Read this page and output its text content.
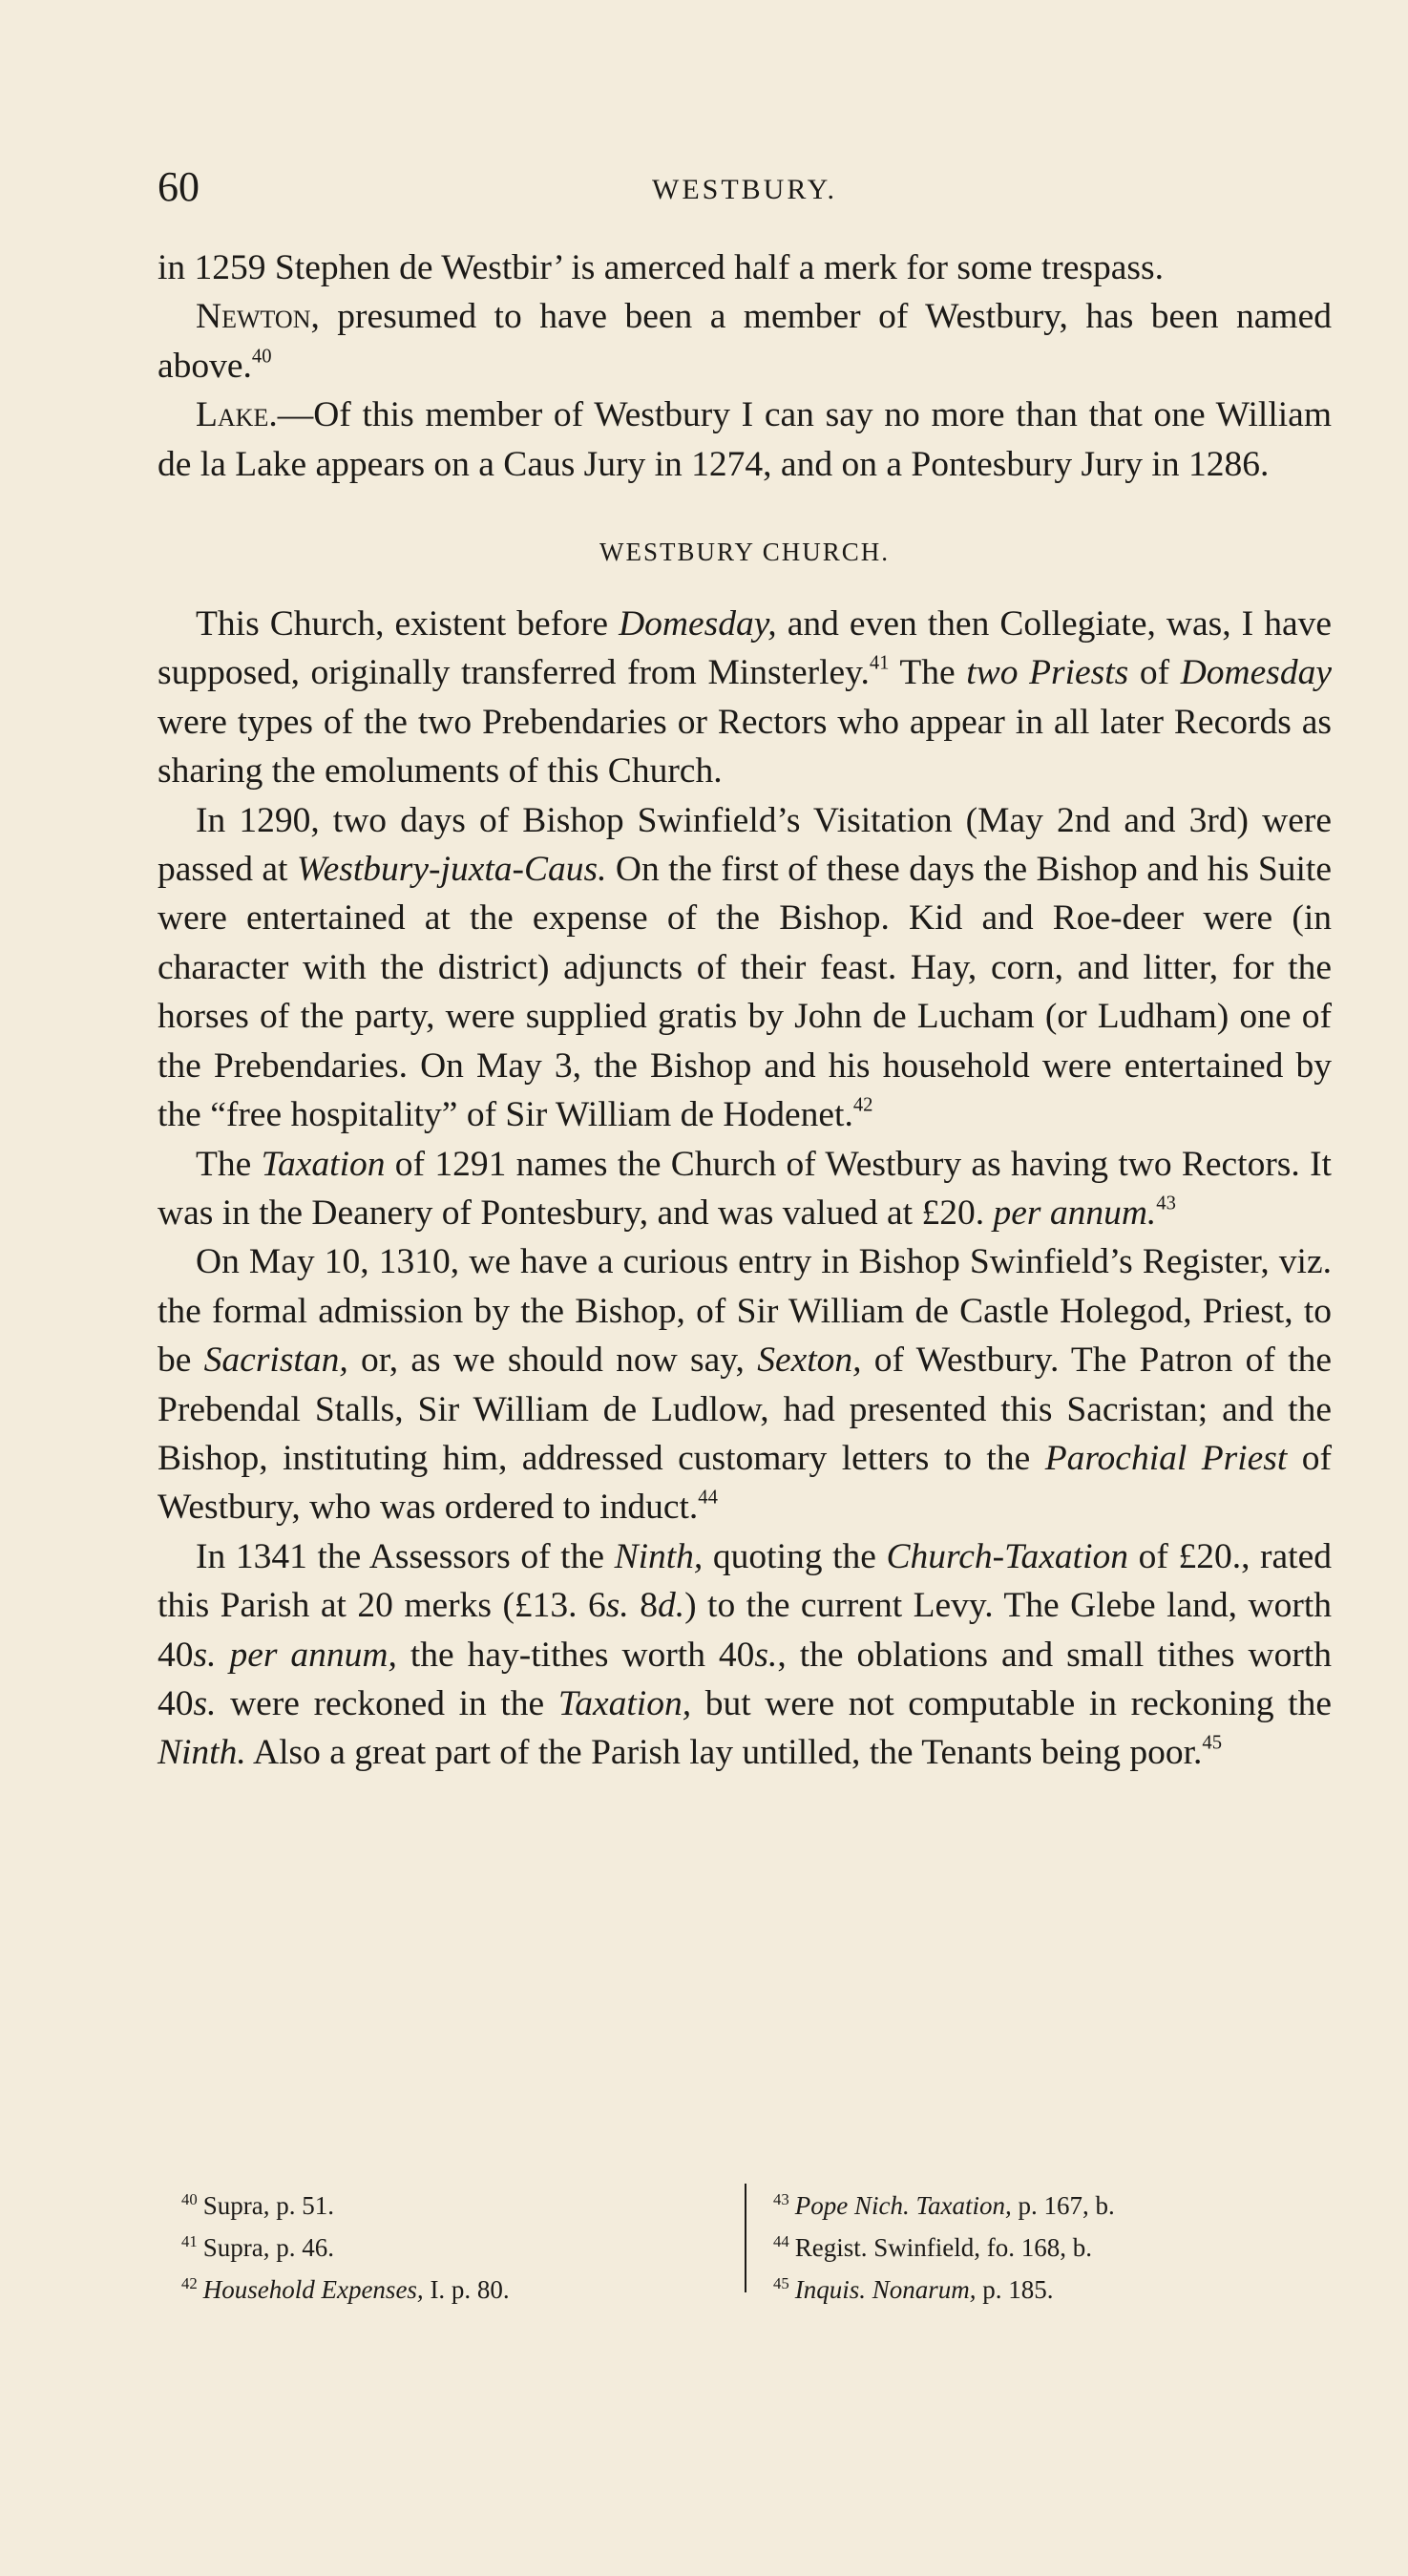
60	WESTBURY.

in 1259 Stephen de Westbir’ is amerced half a merk for some trespass.

Newton, presumed to have been a member of Westbury, has been named above.$^{40}$

Lake.—Of this member of Westbury I can say no more than that one William de la Lake appears on a Caus Jury in 1274, and on a Pontesbury Jury in 1286.

WESTBURY CHURCH.

This Church, existent before Domesday, and even then Collegiate, was, I have supposed, originally transferred from Minsterley.$^{41}$ The two Priests of Domesday were types of the two Prebendaries or Rectors who appear in all later Records as sharing the emoluments of this Church.

In 1290, two days of Bishop Swinfield’s Visitation (May 2nd and 3rd) were passed at Westbury-juxta-Caus. On the first of these days the Bishop and his Suite were entertained at the expense of the Bishop. Kid and Roe-deer were (in character with the district) adjuncts of their feast. Hay, corn, and litter, for the horses of the party, were supplied gratis by John de Lucham (or Ludham) one of the Prebendaries. On May 3, the Bishop and his household were entertained by the “free hospitality” of Sir William de Hodenet.$^{42}$

The Taxation of 1291 names the Church of Westbury as having two Rectors. It was in the Deanery of Pontesbury, and was valued at £20. per annum.$^{43}$

On May 10, 1310, we have a curious entry in Bishop Swinfield’s Register, viz. the formal admission by the Bishop, of Sir William de Castle Holegod, Priest, to be Sacristan, or, as we should now say, Sexton, of Westbury. The Patron of the Prebendal Stalls, Sir William de Ludlow, had presented this Sacristan; and the Bishop, instituting him, addressed customary letters to the Parochial Priest of Westbury, who was ordered to induct.$^{44}$

In 1341 the Assessors of the Ninth, quoting the Church-Taxation of £20., rated this Parish at 20 merks (£13. 6s. 8d.) to the current Levy. The Glebe land, worth 40s. per annum, the hay-tithes worth 40s., the oblations and small tithes worth 40s. were reckoned in the Taxation, but were not computable in reckoning the Ninth. Also a great part of the Parish lay untilled, the Tenants being poor.$^{45}$

$^{40}$ Supra, p. 51.
$^{41}$ Supra, p. 46.
$^{42}$ Household Expenses, I. p. 80.
$^{43}$ Pope Nich. Taxation, p. 167, b.
$^{44}$ Regist. Swinfield, fo. 168, b.
$^{45}$ Inquis. Nonarum, p. 185.
